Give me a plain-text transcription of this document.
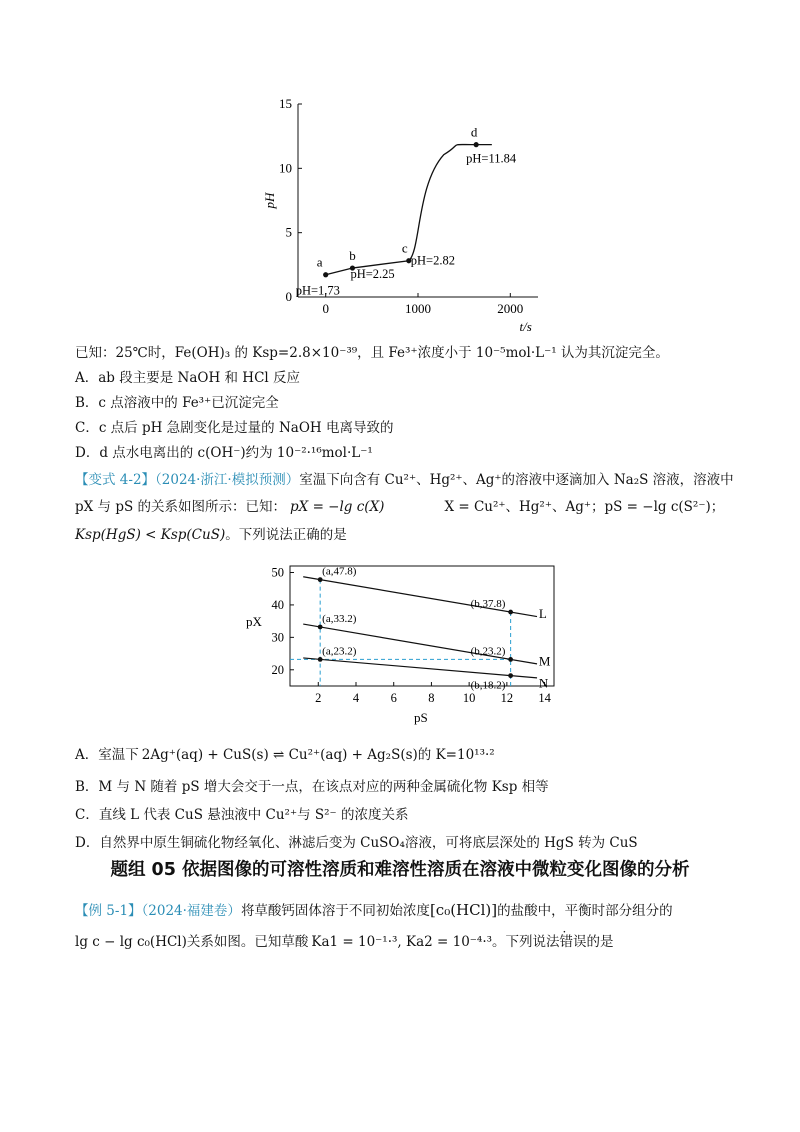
0
5
10
15
0	1000	2000
a
pH=1.73
b
pH=2.25
c
pH=2.82
d
pH=11.84
pH
t/s
已知：25℃时，Fe(OH)₃ 的 Ksp=2.8×10⁻³⁹，且 Fe³⁺浓度小于 10⁻⁵mol·L⁻¹ 认为其沉淀完全。
A．ab 段主要是 NaOH 和 HCl 反应
B．c 点溶液中的 Fe³⁺已沉淀完全
C．c 点后 pH 急剧变化是过量的 NaOH 电离导致的
D．d 点水电离出的 c(OH⁻)约为 10⁻²·¹⁶mol·L⁻¹
【变式 4-2】（2024·浙江·模拟预测）室温下向含有 Cu²⁺、Hg²⁺、Ag⁺的溶液中逐滴加入 Na₂S 溶液，溶液中
pX 与 pS 的关系如图所示：已知： pX = −lg c(X)	X = Cu²⁺、Hg²⁺、Ag⁺；pS = −lg c(S²⁻)；
Ksp(HgS) < Ksp(CuS)。下列说法正确的是
20
30
40
50
2	4	6	8 10 12 14
L
M
N
(a,47.8)
(b,37.8)
(a,33.2)
(b,23.2)
(a,23.2)
(b,18.2)
pX
pS
A．室温下 2Ag⁺(aq) + CuS(s) ⇌ Cu²⁺(aq) + Ag₂S(s)的 K=10¹³·²
B．M 与 N 随着 pS 增大会交于一点，在该点对应的两种金属硫化物 Ksp 相等
C．直线 L 代表 CuS 悬浊液中 Cu²⁺与 S²⁻ 的浓度关系
D．自然界中原生铜硫化物经氧化、淋滤后变为 CuSO₄溶液，可将底层深处的 HgS 转为 CuS
题组 05 依据图像的可溶性溶质和难溶性溶质在溶液中微粒变化图像的分析
【例 5-1】（2024·福建卷）将草酸钙固体溶于不同初始浓度[c₀(HCl)]的盐酸中，平衡时部分组分的
lg c − lg c₀(HCl)关系如图。已知草酸 Ka1 = 10⁻¹·³, Ka2 = 10⁻⁴·³。下列说法错误的是
